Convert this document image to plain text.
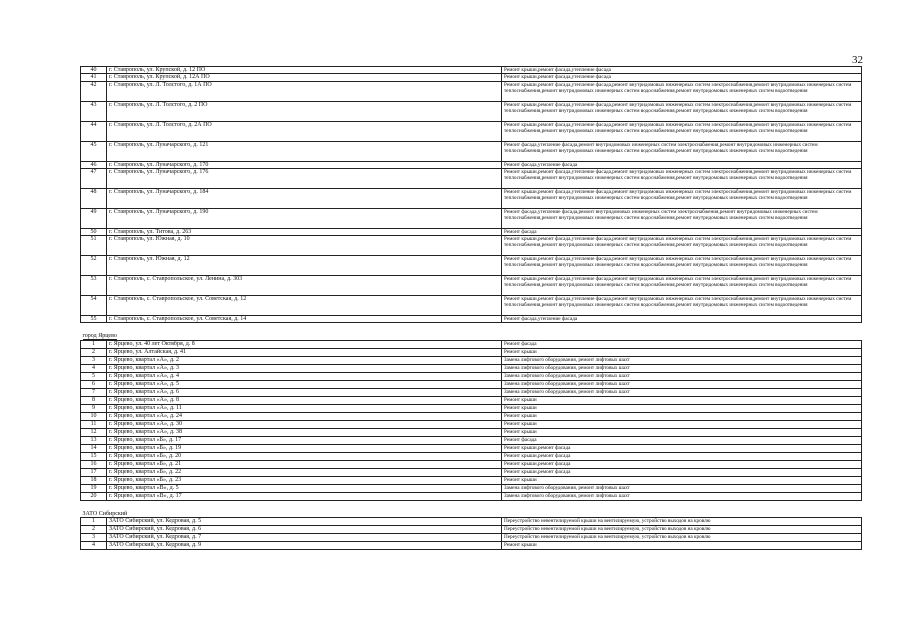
32
40	г. Ставрополь, ул. Крупской, д. 12 ПО	Ремонт крыши,ремонт фасада,утепление фасада
41	г. Ставрополь, ул. Крупской, д. 12А ПО	Ремонт крыши,ремонт фасада,утепление фасада
42	г. Ставрополь, ул. Л. Толстого, д. 1А ПО	Ремонт крыши,ремонт фасада,утепление фасада,ремонт внутридомовых инженерных систем электроснабжения,ремонт внутридомовых инженерных систем теплоснабжения,ремонт внутридомовых инженерных систем водоснабжения,ремонт внутридомовых инженерных систем водоотведения
43	г. Ставрополь, ул. Л. Толстого, д. 2 ПО	Ремонт крыши,ремонт фасада,утепление фасада,ремонт внутридомовых инженерных систем электроснабжения,ремонт внутридомовых инженерных систем теплоснабжения,ремонт внутридомовых инженерных систем водоснабжения,ремонт внутридомовых инженерных систем водоотведения
44	г. Ставрополь, ул. Л. Толстого, д. 2А ПО	Ремонт крыши,ремонт фасада,утепление фасада,ремонт внутридомовых инженерных систем электроснабжения,ремонт внутридомовых инженерных систем теплоснабжения,ремонт внутридомовых инженерных систем водоснабжения,ремонт внутридомовых инженерных систем водоотведения
45	г. Ставрополь, ул. Луначарского, д. 121	Ремонт фасада,утепление фасада,ремонт внутридомовых инженерных систем электроснабжения,ремонт внутридомовых инженерных систем теплоснабжения,ремонт внутридомовых инженерных систем водоснабжения,ремонт внутридомовых инженерных систем водоотведения
46	г. Ставрополь, ул. Луначарского, д. 170	Ремонт фасада,утепление фасада
47	г. Ставрополь, ул. Луначарского, д. 176	Ремонт крыши,ремонт фасада,утепление фасада,ремонт внутридомовых инженерных систем электроснабжения,ремонт внутридомовых инженерных систем теплоснабжения,ремонт внутридомовых инженерных систем водоснабжения,ремонт внутридомовых инженерных систем водоотведения
48	г. Ставрополь, ул. Луначарского, д. 184	Ремонт крыши,ремонт фасада,утепление фасада,ремонт внутридомовых инженерных систем электроснабжения,ремонт внутридомовых инженерных систем теплоснабжения,ремонт внутридомовых инженерных систем водоснабжения,ремонт внутридомовых инженерных систем водоотведения
49	г. Ставрополь, ул. Луначарского, д. 190	Ремонт фасада,утепление фасада,ремонт внутридомовых инженерных систем электроснабжения,ремонт внутридомовых инженерных систем теплоснабжения,ремонт внутридомовых инженерных систем водоснабжения,ремонт внутридомовых инженерных систем водоотведения
50	г. Ставрополь, ул. Титова, д. 263	Ремонт фасада
51	г. Ставрополь, ул. Южная, д. 10	Ремонт крыши,ремонт фасада,утепление фасада,ремонт внутридомовых инженерных систем электроснабжения,ремонт внутридомовых инженерных систем теплоснабжения,ремонт внутридомовых инженерных систем водоснабжения,ремонт внутридомовых инженерных систем водоотведения
52	г. Ставрополь, ул. Южная, д. 12	Ремонт крыши,ремонт фасада,утепление фасада,ремонт внутридомовых инженерных систем электроснабжения,ремонт внутридомовых инженерных систем теплоснабжения,ремонт внутридомовых инженерных систем водоснабжения,ремонт внутридомовых инженерных систем водоотведения
53	г. Ставрополь, с. Ставропольское, ул. Ленина, д. 303	Ремонт крыши,ремонт фасада,утепление фасада,ремонт внутридомовых инженерных систем электроснабжения,ремонт внутридомовых инженерных систем теплоснабжения,ремонт внутридомовых инженерных систем водоснабжения,ремонт внутридомовых инженерных систем водоотведения
54	г. Ставрополь, с. Ставропольское, ул. Советская, д. 12	Ремонт крыши,ремонт фасада,утепление фасада,ремонт внутридомовых инженерных систем электроснабжения,ремонт внутридомовых инженерных систем теплоснабжения,ремонт внутридомовых инженерных систем водоснабжения,ремонт внутридомовых инженерных систем водоотведения
55	г. Ставрополь, с. Ставропольское, ул. Советская, д. 14	Ремонт фасада,утепление фасада

город Ярцево		
1	г. Ярцево, ул. 40 лет Октября, д. 8	Ремонт фасада
2	г. Ярцево, ул. Алтайская, д. 41	Ремонт крыши
3	г. Ярцево, квартал «А», д. 2	Замена лифтового оборудования, ремонт лифтовых шахт
4	г. Ярцево, квартал «А», д. 3	Замена лифтового оборудования, ремонт лифтовых шахт
5	г. Ярцево, квартал «А», д. 4	Замена лифтового оборудования, ремонт лифтовых шахт
6	г. Ярцево, квартал «А», д. 5	Замена лифтового оборудования, ремонт лифтовых шахт
7	г. Ярцево, квартал «А», д. 6	Замена лифтового оборудования, ремонт лифтовых шахт
8	г. Ярцево, квартал «А», д. 8	Ремонт крыши
9	г. Ярцево, квартал «А», д. 11	Ремонт крыши
10	г. Ярцево, квартал «А», д. 24	Ремонт крыши
11	г. Ярцево, квартал «А», д. 30	Ремонт крыши
12	г. Ярцево, квартал «А», д. 38	Ремонт крыши
13	г. Ярцево, квартал «Б», д. 17	Ремонт фасада
14	г. Ярцево, квартал «Б», д. 19	Ремонт крыши,ремонт фасада
15	г. Ярцево, квартал «Б», д. 20	Ремонт крыши,ремонт фасада
16	г. Ярцево, квартал «Б», д. 21	Ремонт крыши,ремонт фасада
17	г. Ярцево, квартал «Б», д. 22	Ремонт крыши,ремонт фасада
18	г. Ярцево, квартал «Б», д. 23	Ремонт крыши
19	г. Ярцево, квартал «В», д. 5	Замена лифтового оборудования, ремонт лифтовых шахт
20	г. Ярцево, квартал «В», д. 17	Замена лифтового оборудования, ремонт лифтовых шахт

ЗАТО Сибирский		
1	ЗАТО Сибирский, ул. Кедровая, д. 5	Переустройство невентилируемой крыши на вентилируемую, устройство выходов на кровлю
2	ЗАТО Сибирский, ул. Кедровая, д. 6	Переустройство невентилируемой крыши на вентилируемую, устройство выходов на кровлю
3	ЗАТО Сибирский, ул. Кедровая, д. 7	Переустройство невентилируемой крыши на вентилируемую, устройство выходов на кровлю
4	ЗАТО Сибирский, ул. Кедровая, д. 9	Ремонт крыши
